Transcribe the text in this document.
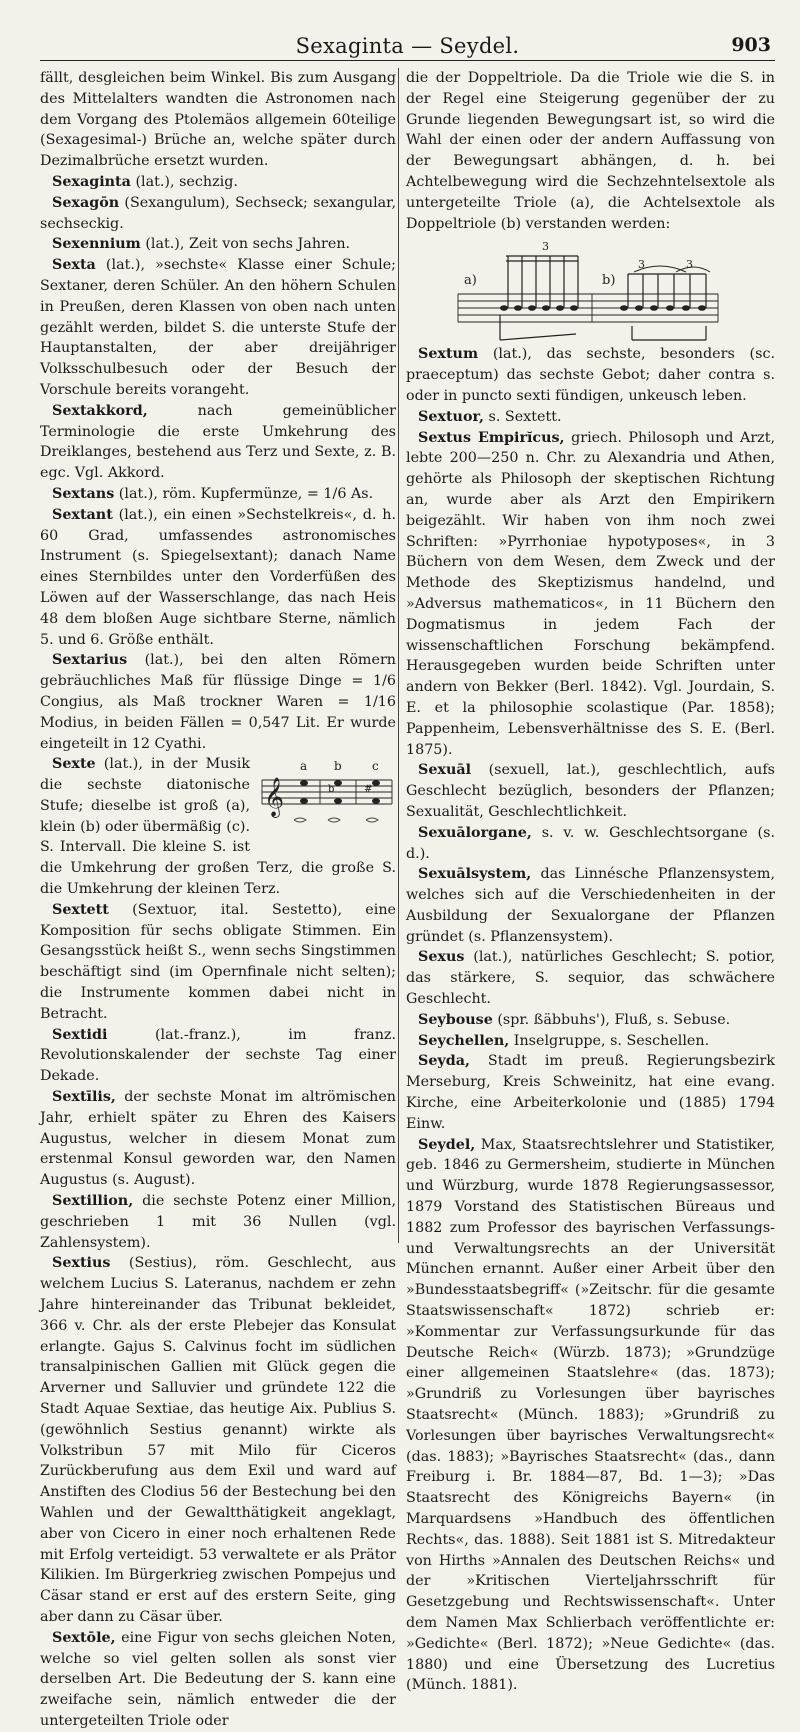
Sexaginta — Seydel.	903

fällt, desgleichen beim Winkel. Bis zum Ausgang des Mittelalters wandten die Astronomen nach dem Vorgang des Ptolemäos allgemein 60teilige (Sexagesimal-) Brüche an, welche später durch Dezimalbrüche ersetzt wurden.

Sexaginta (lat.), sechzig.

Sexagōn (Sexangulum), Sechseck; sexangular, sechseckig.

Sexennium (lat.), Zeit von sechs Jahren.

Sexta (lat.), »sechste« Klasse einer Schule; Sextaner, deren Schüler. An den höhern Schulen in Preußen, deren Klassen von oben nach unten gezählt werden, bildet S. die unterste Stufe der Hauptanstalten, der aber dreijähriger Volksschulbesuch oder der Besuch der Vorschule bereits vorangeht.

Sextakkord, nach gemeinüblicher Terminologie die erste Umkehrung des Dreiklanges, bestehend aus Terz und Sexte, z. B. egc. Vgl. Akkord.

Sextans (lat.), röm. Kupfermünze, = 1/6 As.

Sextant (lat.), ein einen »Sechstelkreis«, d. h. 60 Grad, umfassendes astronomisches Instrument (s. Spiegelsextant); danach Name eines Sternbildes unter den Vorderfüßen des Löwen auf der Wasserschlange, das nach Heis 48 dem bloßen Auge sichtbare Sterne, nämlich 5. und 6. Größe enthält.

Sextarius (lat.), bei den alten Römern gebräuchliches Maß für flüssige Dinge = 1/6 Congius, als Maß trockner Waren = 1/16 Modius, in beiden Fällen = 0,547 Lit. Er wurde eingeteilt in 12 Cyathi.

𝄞	b	#
a b	c
Sexte (lat.), in der Musik die sechste diatonische Stufe; dieselbe ist groß (a), klein (b) oder übermäßig (c). S. Intervall. Die kleine S. ist die Umkehrung der großen Terz, die große S. die Umkehrung der kleinen Terz.

Sextett (Sextuor, ital. Sestetto), eine Komposition für sechs obligate Stimmen. Ein Gesangsstück heißt S., wenn sechs Singstimmen beschäftigt sind (im Opernfinale nicht selten); die Instrumente kommen dabei nicht in Betracht.

Sextidi (lat.-franz.), im franz. Revolutionskalender der sechste Tag einer Dekade.

Sextīlis, der sechste Monat im altrömischen Jahr, erhielt später zu Ehren des Kaisers Augustus, welcher in diesem Monat zum erstenmal Konsul geworden war, den Namen Augustus (s. August).

Sextillion, die sechste Potenz einer Million, geschrieben 1 mit 36 Nullen (vgl. Zahlensystem).

Sextius (Sestius), röm. Geschlecht, aus welchem Lucius S. Lateranus, nachdem er zehn Jahre hintereinander das Tribunat bekleidet, 366 v. Chr. als der erste Plebejer das Konsulat erlangte. Gajus S. Calvinus focht im südlichen transalpinischen Gallien mit Glück gegen die Arverner und Salluvier und gründete 122 die Stadt Aquae Sextiae, das heutige Aix. Publius S. (gewöhnlich Sestius genannt) wirkte als Volkstribun 57 mit Milo für Ciceros Zurückberufung aus dem Exil und ward auf Anstiften des Clodius 56 der Bestechung bei den Wahlen und der Gewaltthätigkeit angeklagt, aber von Cicero in einer noch erhaltenen Rede mit Erfolg verteidigt. 53 verwaltete er als Prätor Kilikien. Im Bürgerkrieg zwischen Pompejus und Cäsar stand er erst auf des erstern Seite, ging aber dann zu Cäsar über.

Sextōle, eine Figur von sechs gleichen Noten, welche so viel gelten sollen als sonst vier derselben Art. Die Bedeutung der S. kann eine zweifache sein, nämlich entweder die der untergeteilten Triole oder

die der Doppeltriole. Da die Triole wie die S. in der Regel eine Steigerung gegenüber der zu Grunde liegenden Bewegungsart ist, so wird die Wahl der einen oder der andern Auffassung von der Bewegungsart abhängen, d. h. bei Achtelbewegung wird die Sechzehntelsextole als untergeteilte Triole (a), die Achtelsextole als Doppeltriole (b) verstanden werden:

a)	b)
3
3	3

Sextum (lat.), das sechste, besonders (sc. praeceptum) das sechste Gebot; daher contra s. oder in puncto sexti fündigen, unkeusch leben.

Sextuor, s. Sextett.

Sextus Empirĭcus, griech. Philosoph und Arzt, lebte 200—250 n. Chr. zu Alexandria und Athen, gehörte als Philosoph der skeptischen Richtung an, wurde aber als Arzt den Empirikern beigezählt. Wir haben von ihm noch zwei Schriften: »Pyrrhoniae hypotyposes«, in 3 Büchern von dem Wesen, dem Zweck und der Methode des Skeptizismus handelnd, und »Adversus mathematicos«, in 11 Büchern den Dogmatismus in jedem Fach der wissenschaftlichen Forschung bekämpfend. Herausgegeben wurden beide Schriften unter andern von Bekker (Berl. 1842). Vgl. Jourdain, S. E. et la philosophie scolastique (Par. 1858); Pappenheim, Lebensverhältnisse des S. E. (Berl. 1875).

Sexuāl (sexuell, lat.), geschlechtlich, aufs Geschlecht bezüglich, besonders der Pflanzen; Sexualität, Geschlechtlichkeit.

Sexuālorgane, s. v. w. Geschlechtsorgane (s. d.).

Sexuālsystem, das Linnésche Pflanzensystem, welches sich auf die Verschiedenheiten in der Ausbildung der Sexualorgane der Pflanzen gründet (s. Pflanzensystem).

Sexus (lat.), natürliches Geschlecht; S. potior, das stärkere, S. sequior, das schwächere Geschlecht.

Seybouse (spr. ßäbbuhs'), Fluß, s. Sebuse.

Seychellen, Inselgruppe, s. Seschellen.

Seyda, Stadt im preuß. Regierungsbezirk Merseburg, Kreis Schweinitz, hat eine evang. Kirche, eine Arbeiterkolonie und (1885) 1794 Einw.

Seydel, Max, Staatsrechtslehrer und Statistiker, geb. 1846 zu Germersheim, studierte in München und Würzburg, wurde 1878 Regierungsassessor, 1879 Vorstand des Statistischen Büreaus und 1882 zum Professor des bayrischen Verfassungs- und Verwaltungsrechts an der Universität München ernannt. Außer einer Arbeit über den »Bundesstaatsbegriff« (»Zeitschr. für die gesamte Staatswissenschaft« 1872) schrieb er: »Kommentar zur Verfassungsurkunde für das Deutsche Reich« (Würzb. 1873); »Grundzüge einer allgemeinen Staatslehre« (das. 1873); »Grundriß zu Vorlesungen über bayrisches Staatsrecht« (Münch. 1883); »Grundriß zu Vorlesungen über bayrisches Verwaltungsrecht« (das. 1883); »Bayrisches Staatsrecht« (das., dann Freiburg i. Br. 1884—87, Bd. 1—3); »Das Staatsrecht des Königreichs Bayern« (in Marquardsens »Handbuch des öffentlichen Rechts«, das. 1888). Seit 1881 ist S. Mitredakteur von Hirths »Annalen des Deutschen Reichs« und der »Kritischen Vierteljahrsschrift für Gesetzgebung und Rechtswissenschaft«. Unter dem Namen Max Schlierbach veröffentlichte er: »Gedichte« (Berl. 1872); »Neue Gedichte« (das. 1880) und eine Übersetzung des Lucretius (Münch. 1881).
